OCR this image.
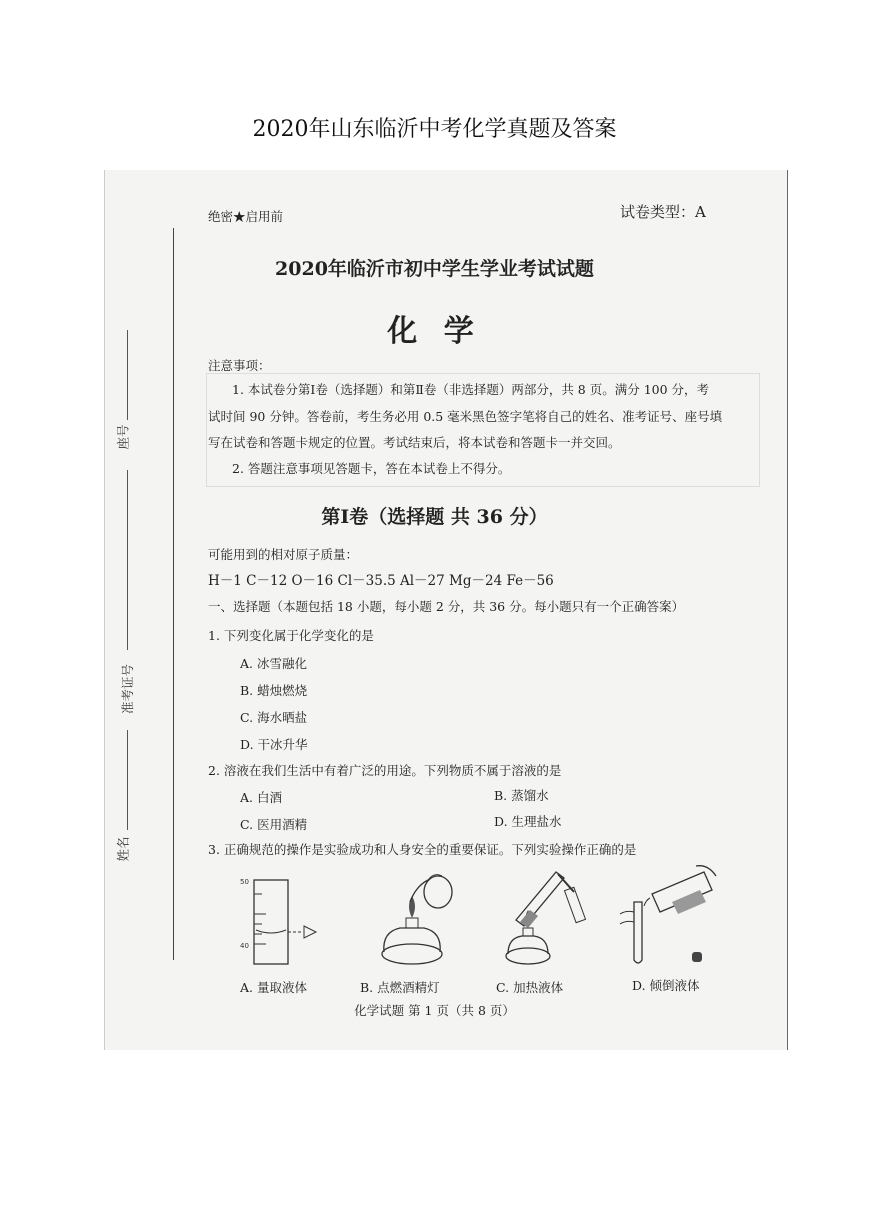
2020年山东临沂中考化学真题及答案
座号
准考证号
姓名
绝密★启用前	试卷类型：A
2020年临沂市初中学生学业考试试题
化 学
注意事项：
1. 本试卷分第Ⅰ卷（选择题）和第Ⅱ卷（非选择题）两部分，共 8 页。满分 100 分，考
试时间 90 分钟。答卷前，考生务必用 0.5 毫米黑色签字笔将自己的姓名、准考证号、座号填
写在试卷和答题卡规定的位置。考试结束后，将本试卷和答题卡一并交回。
2. 答题注意事项见答题卡，答在本试卷上不得分。
第Ⅰ卷（选择题 共 36 分）
可能用到的相对原子质量：
H－1 C－12 O－16 Cl－35.5 Al－27 Mg－24 Fe－56
一、选择题（本题包括 18 小题，每小题 2 分，共 36 分。每小题只有一个正确答案）
1. 下列变化属于化学变化的是
A. 冰雪融化
B. 蜡烛燃烧
C. 海水晒盐
D. 干冰升华
2. 溶液在我们生活中有着广泛的用途。下列物质不属于溶液的是
A. 白酒	B. 蒸馏水
C. 医用酒精	D. 生理盐水
3. 正确规范的操作是实验成功和人身安全的重要保证。下列实验操作正确的是
50
40
A. 量取液体	B. 点燃酒精灯	C. 加热液体	D. 倾倒液体
化学试题 第 1 页（共 8 页）
